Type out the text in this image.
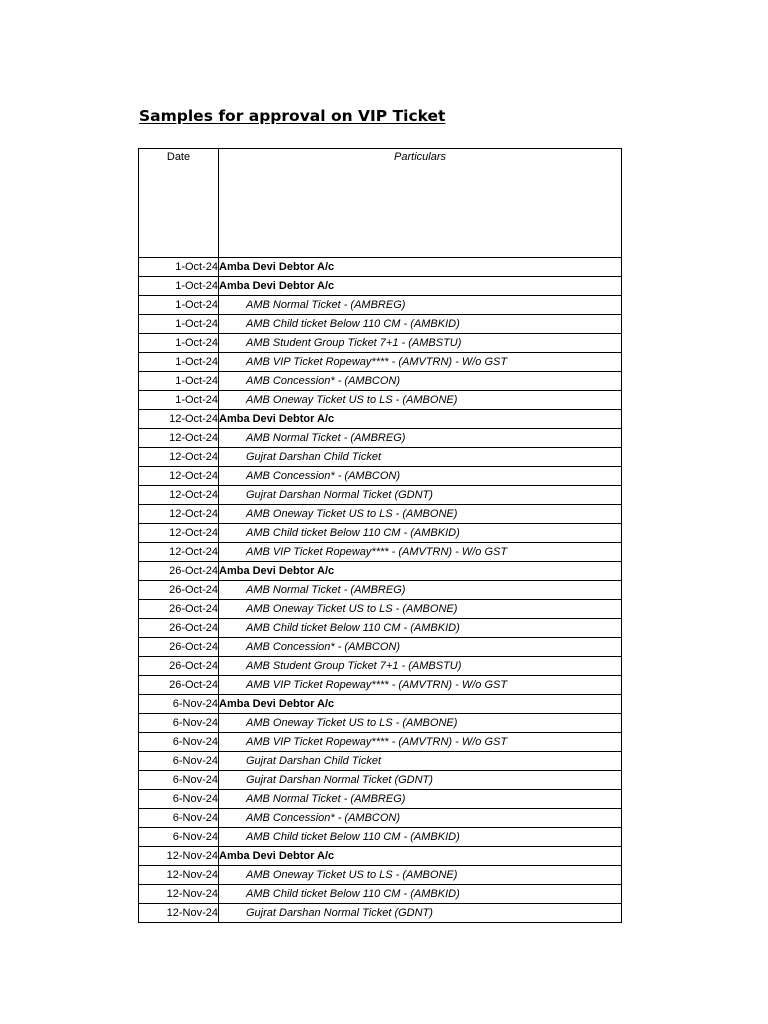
Samples for approval on VIP Ticket
Date	Particulars
1-Oct-24	Amba Devi Debtor A/c
1-Oct-24	Amba Devi Debtor A/c
1-Oct-24	AMB Normal Ticket - (AMBREG)
1-Oct-24	AMB Child ticket Below 110 CM - (AMBKID)
1-Oct-24	AMB Student Group Ticket 7+1 - (AMBSTU)
1-Oct-24	AMB VIP Ticket Ropeway**** - (AMVTRN) - W/o GST
1-Oct-24	AMB Concession* - (AMBCON)
1-Oct-24	AMB Oneway Ticket US to LS - (AMBONE)
12-Oct-24	Amba Devi Debtor A/c
12-Oct-24	AMB Normal Ticket - (AMBREG)
12-Oct-24	Gujrat Darshan Child Ticket
12-Oct-24	AMB Concession* - (AMBCON)
12-Oct-24	Gujrat Darshan Normal Ticket (GDNT)
12-Oct-24	AMB Oneway Ticket US to LS - (AMBONE)
12-Oct-24	AMB Child ticket Below 110 CM - (AMBKID)
12-Oct-24	AMB VIP Ticket Ropeway**** - (AMVTRN) - W/o GST
26-Oct-24	Amba Devi Debtor A/c
26-Oct-24	AMB Normal Ticket - (AMBREG)
26-Oct-24	AMB Oneway Ticket US to LS - (AMBONE)
26-Oct-24	AMB Child ticket Below 110 CM - (AMBKID)
26-Oct-24	AMB Concession* - (AMBCON)
26-Oct-24	AMB Student Group Ticket 7+1 - (AMBSTU)
26-Oct-24	AMB VIP Ticket Ropeway**** - (AMVTRN) - W/o GST
6-Nov-24	Amba Devi Debtor A/c
6-Nov-24	AMB Oneway Ticket US to LS - (AMBONE)
6-Nov-24	AMB VIP Ticket Ropeway**** - (AMVTRN) - W/o GST
6-Nov-24	Gujrat Darshan Child Ticket
6-Nov-24	Gujrat Darshan Normal Ticket (GDNT)
6-Nov-24	AMB Normal Ticket - (AMBREG)
6-Nov-24	AMB Concession* - (AMBCON)
6-Nov-24	AMB Child ticket Below 110 CM - (AMBKID)
12-Nov-24	Amba Devi Debtor A/c
12-Nov-24	AMB Oneway Ticket US to LS - (AMBONE)
12-Nov-24	AMB Child ticket Below 110 CM - (AMBKID)
12-Nov-24	Gujrat Darshan Normal Ticket (GDNT)
